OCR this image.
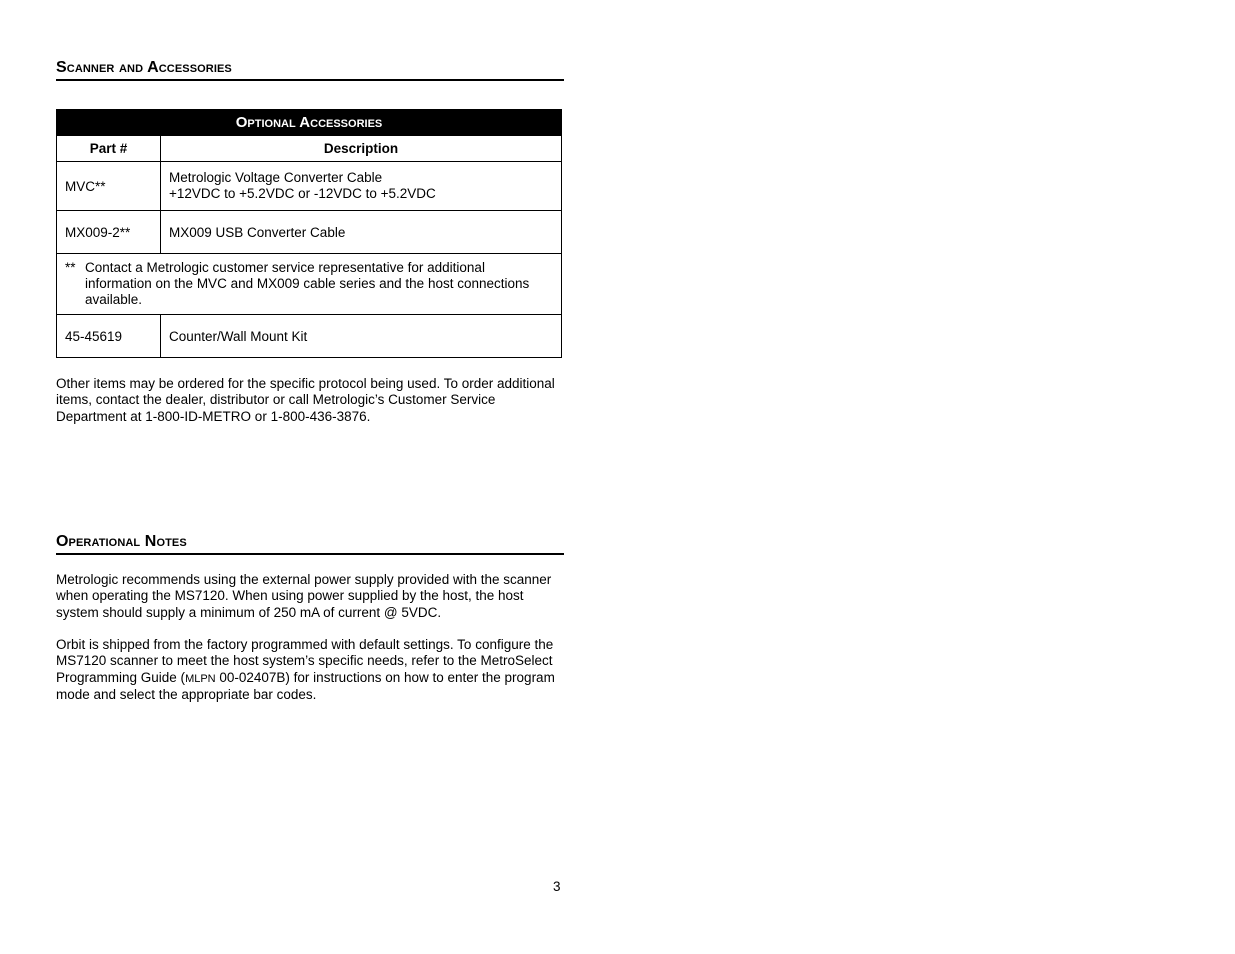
Scanner and Accessories
Optional Accessories	
Part #	Description
MVC**	Metrologic Voltage Converter Cable
+12VDC to +5.2VDC or -12VDC to +5.2VDC

MX009-2**	MX009 USB Converter Cable

** Contact a Metrologic customer service representative for additional information on the MVC and MX009 cable series and the host connections available.	

45-45619	Counter/Wall Mount Kit
Other items may be ordered for the specific protocol being used. To order additional items, contact the dealer, distributor or call Metrologic’s Customer Service Department at 1-800-ID-METRO or 1-800-436-3876.
Operational Notes
Metrologic recommends using the external power supply provided with the scanner when operating the MS7120. When using power supplied by the host, the host system should supply a minimum of 250 mA of current @ 5VDC.
Orbit is shipped from the factory programmed with default settings. To configure the MS7120 scanner to meet the host system’s specific needs, refer to the MetroSelect Programming Guide (MLPN 00-02407B) for instructions on how to enter the program mode and select the appropriate bar codes.
3
